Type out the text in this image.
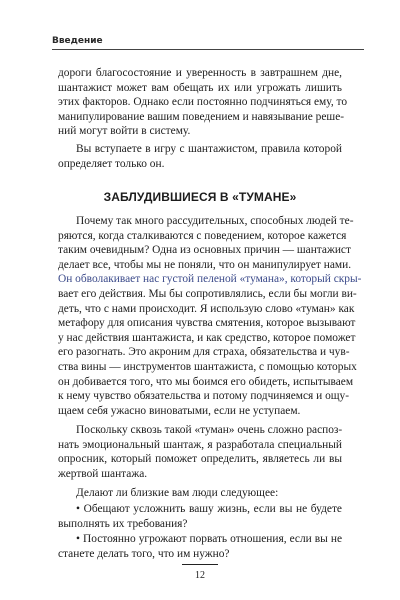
Введение
дороги благосостояние и уверенность в завтрашнем дне,
шантажист может вам обещать их или угрожать лишить
этих факторов. Однако если постоянно подчиняться ему, то
манипулирование вашим поведением и навязывание реше-
ний могут войти в систему.
Вы вступаете в игру с шантажистом, правила которой
определяет только он.
ЗАБЛУДИВШИЕСЯ В «ТУМАНЕ»
Почему так много рассудительных, способных людей те-
ряются, когда сталкиваются с поведением, которое кажется
таким очевидным? Одна из основных причин — шантажист
делает все, чтобы мы не поняли, что он манипулирует нами.
Он обволакивает нас густой пеленой «тумана», который скры-
вает его действия. Мы бы сопротивлялись, если бы могли ви-
деть, что с нами происходит. Я использую слово «туман» как
метафору для описания чувства смятения, которое вызывают
у нас действия шантажиста, и как средство, которое поможет
его разогнать. Это акроним для страха, обязательства и чув-
ства вины — инструментов шантажиста, с помощью которых
он добивается того, что мы боимся его обидеть, испытываем
к нему чувство обязательства и потому подчиняемся и ощу-
щаем себя ужасно виноватыми, если не уступаем.
Поскольку сквозь такой «туман» очень сложно распоз-
нать эмоциональный шантаж, я разработала специальный
опросник, который поможет определить, являетесь ли вы
жертвой шантажа.
Делают ли близкие вам люди следующее:
• Обещают усложнить вашу жизнь, если вы не будете
выполнять их требования?
• Постоянно угрожают порвать отношения, если вы не
станете делать того, что им нужно?
12
